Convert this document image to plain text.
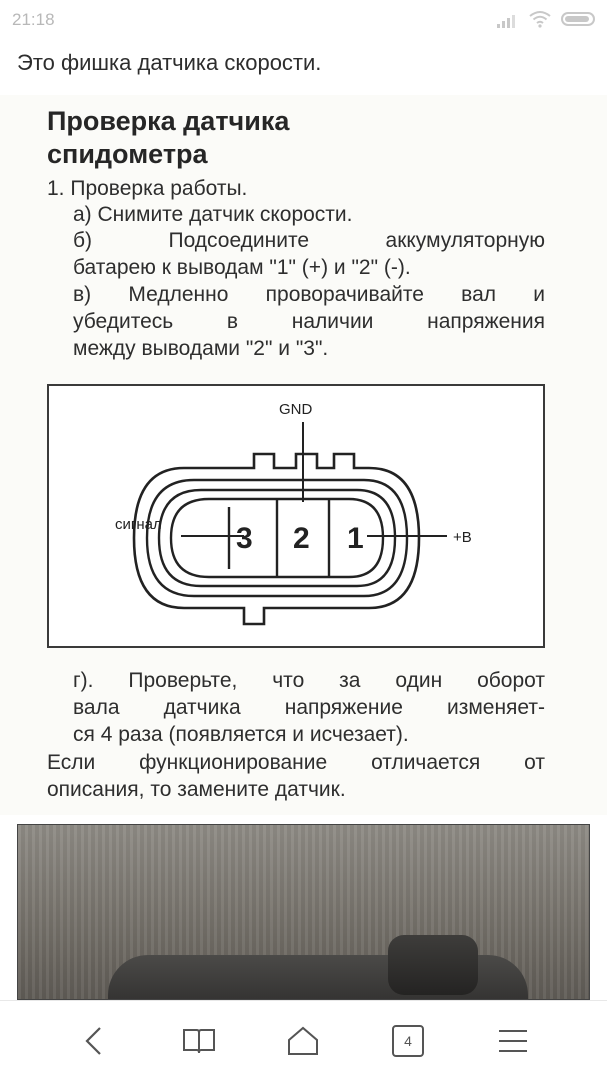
21:18
Это фишка датчика скорости.
Проверка датчика
спидометра
1. Проверка работы.
а) Снимите датчик скорости.
б) Подсоедините аккумуляторную
батарею к выводам "1" (+) и "2" (-).
в) Медленно проворачивайте вал и
убедитесь в наличии напряжения
между выводами "2" и "3".
GND
сигнал
+B
3 2 1
г). Проверьте, что за один оборот
вала датчика напряжение изменяет-
ся 4 раза (появляется и исчезает).
Если функционирование отличается от
описания, то замените датчик.
4
